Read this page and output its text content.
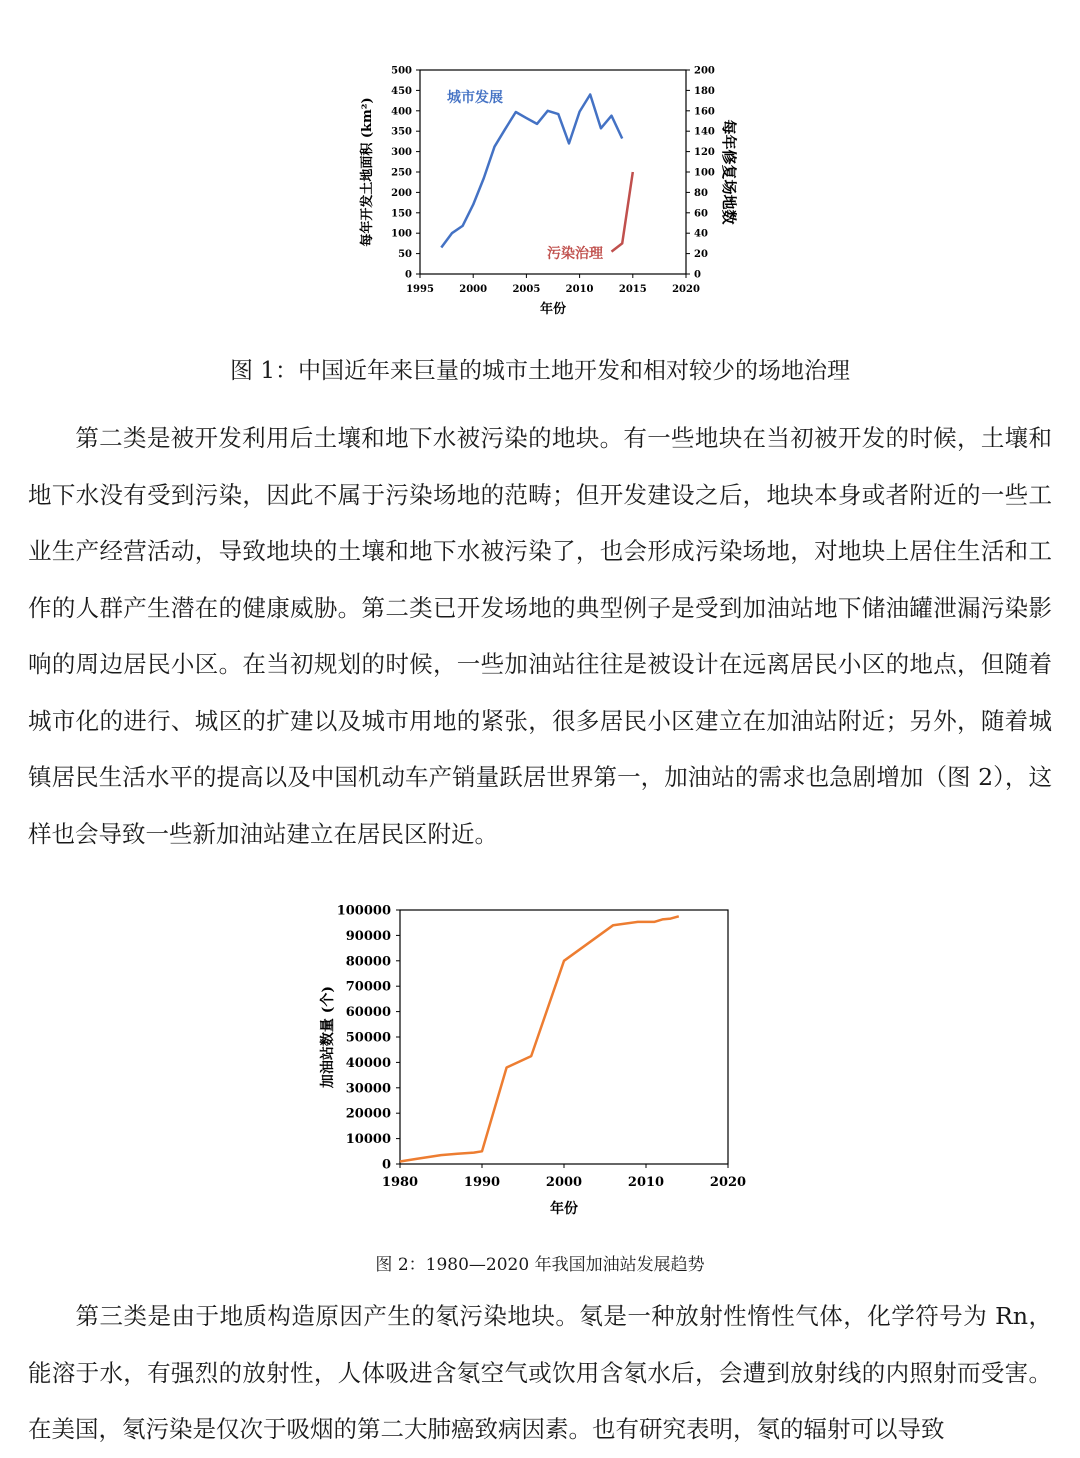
0
50
100
150
200
250
300
350
400
450
500
0
20
40
60
80
100
120
140
160
180
200
1995	2000	2005	2010	2015	2020
城市发展
污染治理
年份
每年开发土地面积 (km²)	每年修复场地数
图 1：中国近年来巨量的城市土地开发和相对较少的场地治理

第二类是被开发利用后土壤和地下水被污染的地块。有一些地块在当初被开发的时候，土壤和地下水没有受到污染，因此不属于污染场地的范畴；但开发建设之后，地块本身或者附近的一些工业生产经营活动，导致地块的土壤和地下水被污染了，也会形成污染场地，对地块上居住生活和工作的人群产生潜在的健康威胁。第二类已开发场地的典型例子是受到加油站地下储油罐泄漏污染影响的周边居民小区。在当初规划的时候，一些加油站往往是被设计在远离居民小区的地点，但随着城市化的进行、城区的扩建以及城市用地的紧张，很多居民小区建立在加油站附近；另外，随着城镇居民生活水平的提高以及中国机动车产销量跃居世界第一，加油站的需求也急剧增加（图 2），这样也会导致一些新加油站建立在居民区附近。

0
10000
20000
30000
40000
50000
60000
70000
80000
90000
100000
1980	1990	2000	2010	2020
年份
加油站数量 (个)
图 2：1980—2020 年我国加油站发展趋势

第三类是由于地质构造原因产生的氡污染地块。氡是一种放射性惰性气体，化学符号为 Rn，能溶于水，有强烈的放射性，人体吸进含氡空气或饮用含氡水后，会遭到放射线的内照射而受害。在美国，氡污染是仅次于吸烟的第二大肺癌致病因素。也有研究表明，氡的辐射可以导致
